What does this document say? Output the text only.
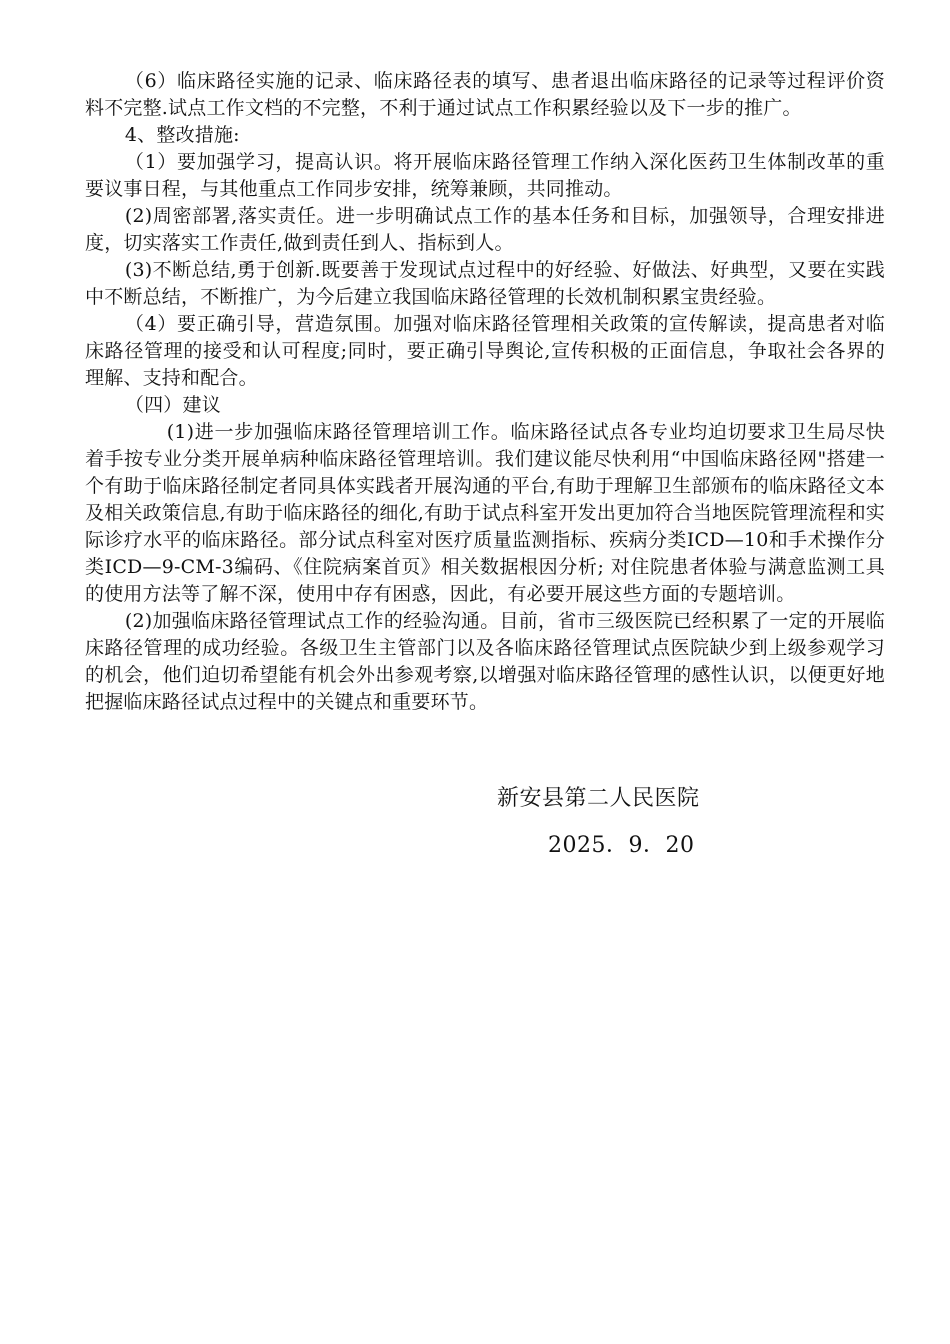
（6）临床路径实施的记录、临床路径表的填写、患者退出临床路径的记录等过程评价资料不完整.试点工作文档的不完整，不利于通过试点工作积累经验以及下一步的推广。

4、整改措施:

（1）要加强学习，提高认识。将开展临床路径管理工作纳入深化医药卫生体制改革的重要议事日程，与其他重点工作同步安排，统筹兼顾，共同推动。

(2)周密部署,落实责任。进一步明确试点工作的基本任务和目标，加强领导，合理安排进度，切实落实工作责任,做到责任到人、指标到人。

(3)不断总结,勇于创新.既要善于发现试点过程中的好经验、好做法、好典型，又要在实践中不断总结，不断推广，为今后建立我国临床路径管理的长效机制积累宝贵经验。

（4）要正确引导，营造氛围。加强对临床路径管理相关政策的宣传解读，提高患者对临床路径管理的接受和认可程度;同时，要正确引导舆论,宣传积极的正面信息，争取社会各界的理解、支持和配合。

（四）建议

(1)进一步加强临床路径管理培训工作。临床路径试点各专业均迫切要求卫生局尽快着手按专业分类开展单病种临床路径管理培训。我们建议能尽快利用“中国临床路径网"搭建一个有助于临床路径制定者同具体实践者开展沟通的平台,有助于理解卫生部颁布的临床路径文本及相关政策信息,有助于临床路径的细化,有助于试点科室开发出更加符合当地医院管理流程和实际诊疗水平的临床路径。部分试点科室对医疗质量监测指标、疾病分类ICD—10和手术操作分类ICD—9-CM-3编码、《住院病案首页》相关数据根因分析; 对住院患者体验与满意监测工具的使用方法等了解不深，使用中存有困惑，因此，有必要开展这些方面的专题培训。

(2)加强临床路径管理试点工作的经验沟通。目前，省市三级医院已经积累了一定的开展临床路径管理的成功经验。各级卫生主管部门以及各临床路径管理试点医院缺少到上级参观学习的机会，他们迫切希望能有机会外出参观考察,以增强对临床路径管理的感性认识，以便更好地把握临床路径试点过程中的关键点和重要环节。

新安县第二人民医院
2025．9．20
